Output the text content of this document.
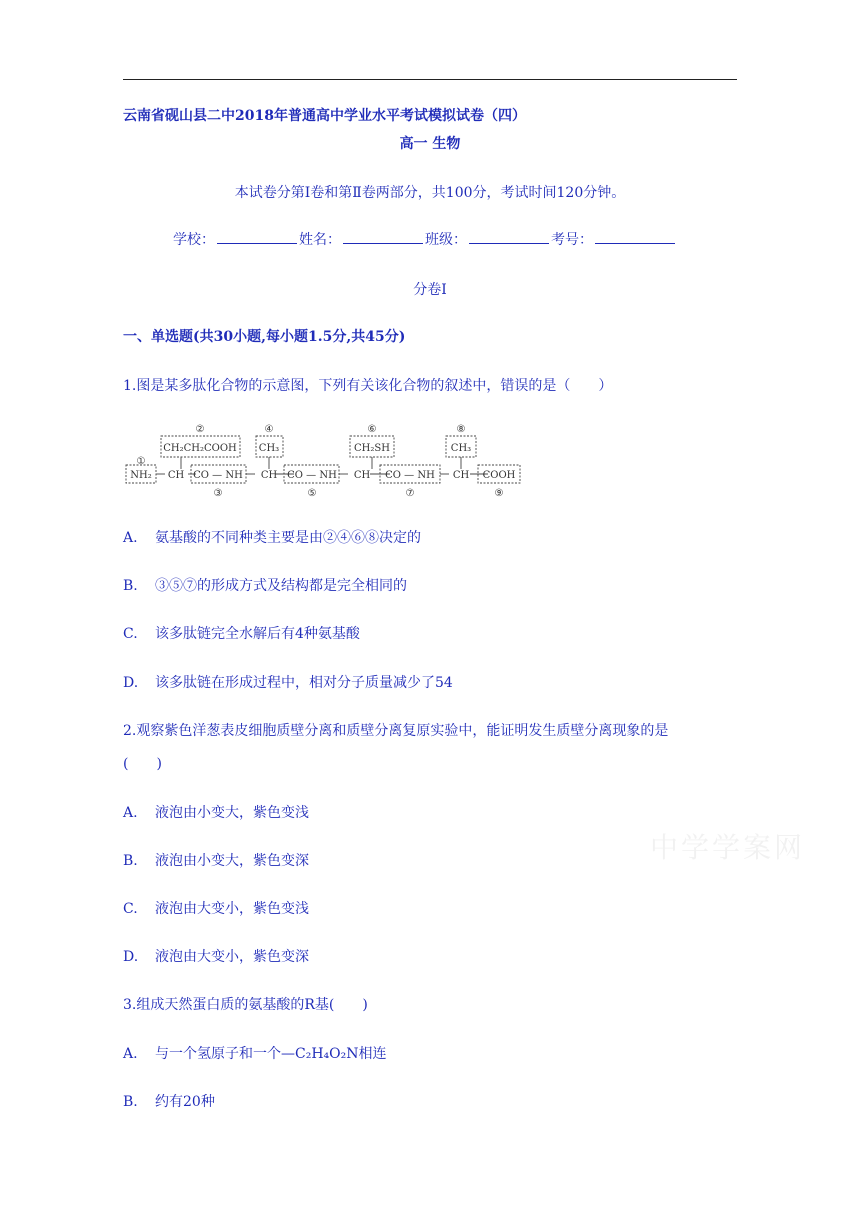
云南省砚山县二中2018年普通高中学业水平考试模拟试卷（四）
高一 生物
本试卷分第Ⅰ卷和第Ⅱ卷两部分，共100分，考试时间120分钟。
学校：	姓名：	班级：	考号：
分卷I
一、单选题(共30小题,每小题1.5分,共45分)
1.图是某多肽化合物的示意图，下列有关该化合物的叙述中，错误的是（　　）
①
②
③
④
⑤
⑥
⑦
⑧
⑨
NH₂ CH CO — NH CH CO — NH CH CO — NH CH COOH
CH₂CH₂COOH CH₃	CH₂SH	CH₃
A. 氨基酸的不同种类主要是由②④⑥⑧决定的
B. ③⑤⑦的形成方式及结构都是完全相同的
C. 该多肽链完全水解后有4种氨基酸
D. 该多肽链在形成过程中，相对分子质量减少了54
2.观察紫色洋葱表皮细胞质壁分离和质壁分离复原实验中，能证明发生质壁分离现象的是
(　　)
A. 液泡由小变大，紫色变浅
B. 液泡由小变大，紫色变深
C. 液泡由大变小，紫色变浅
D. 液泡由大变小，紫色变深
3.组成天然蛋白质的氨基酸的R基(　　)
A. 与一个氢原子和一个—C₂H₄O₂N相连
B. 约有20种
中学学案网
